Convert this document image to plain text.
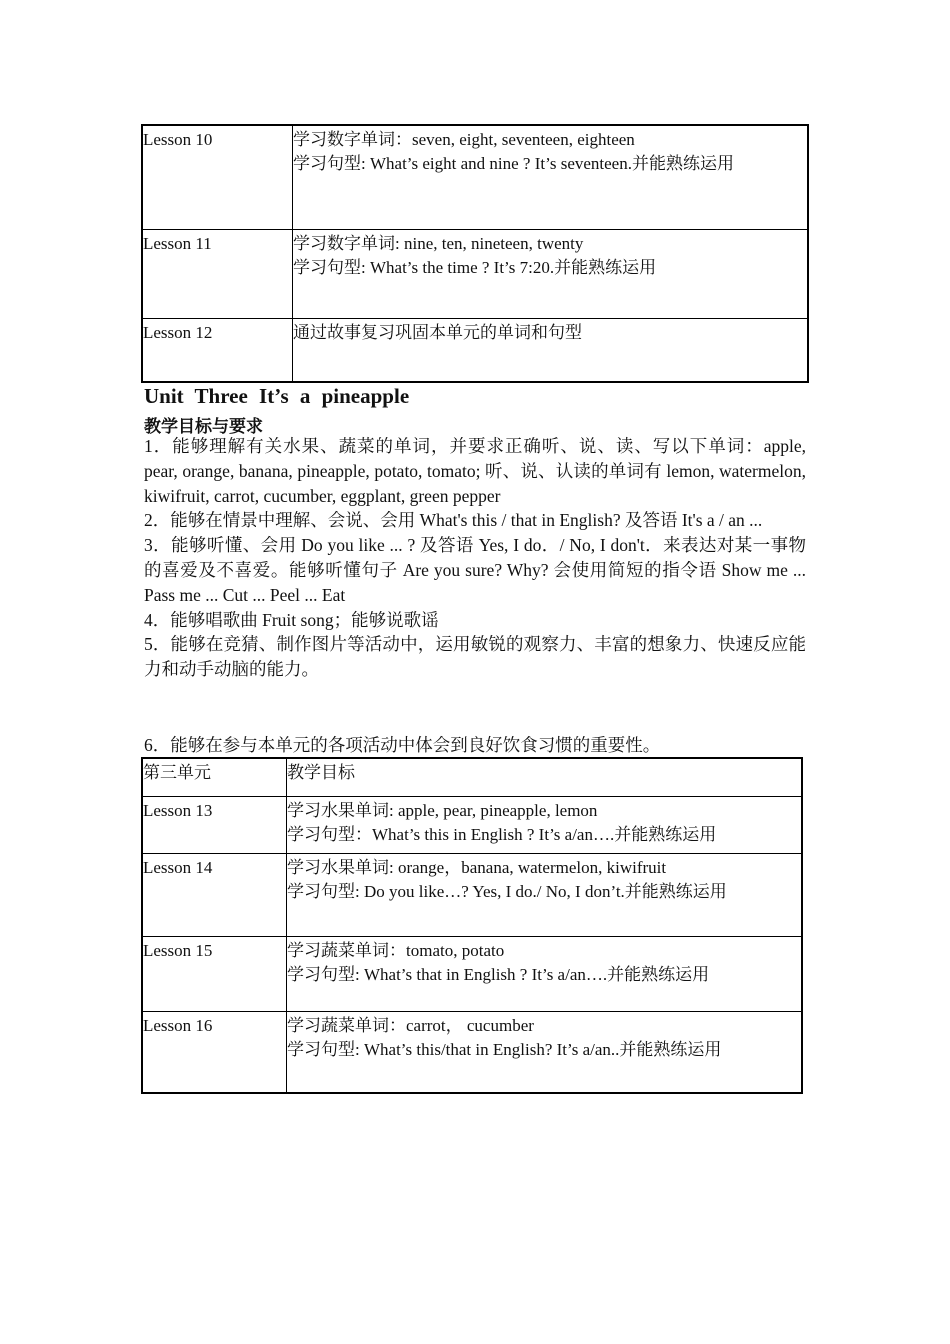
Lesson 10	学习数字单词：seven, eight, seventeen, eighteen
学习句型: What’s eight and nine ? It’s seventeen.并能熟练运用

Lesson 11	学习数字单词: nine, ten, nineteen, twenty
学习句型: What’s the time ? It’s 7:20.并能熟练运用

Lesson 12	通过故事复习巩固本单元的单词和句型
Unit Three It’s a pineapple
教学目标与要求
1．能够理解有关水果、蔬菜的单词，并要求正确听、说、读、写以下单词：apple, pear, orange, banana, pineapple, potato, tomato; 听、说、认读的单词有 lemon, watermelon, kiwifruit, carrot, cucumber, eggplant, green pepper
2．能够在情景中理解、会说、会用 What's this / that in English? 及答语 It's a / an ...
3．能够听懂、会用 Do you like ... ? 及答语 Yes, I do．/ No, I don't．来表达对某一事物的喜爱及不喜爱。能够听懂句子 Are you sure? Why? 会使用简短的指令语 Show me ... Pass me ... Cut ... Peel ... Eat
4．能够唱歌曲 Fruit song；能够说歌谣
5．能够在竞猜、制作图片等活动中，运用敏锐的观察力、丰富的想象力、快速反应能力和动手动脑的能力。
6．能够在参与本单元的各项活动中体会到良好饮食习惯的重要性。
第三单元	教学目标
Lesson 13	学习水果单词: apple, pear, pineapple, lemon
学习句型：What’s this in English ? It’s a/an….并能熟练运用

Lesson 14	学习水果单词: orange，banana, watermelon, kiwifruit
学习句型: Do you like…? Yes, I do./ No, I don’t.并能熟练运用

Lesson 15	学习蔬菜单词：tomato, potato
学习句型: What’s that in English ? It’s a/an….并能熟练运用

Lesson 16	学习蔬菜单词：carrot， cucumber
学习句型: What’s this/that in English? It’s a/an..并能熟练运用
